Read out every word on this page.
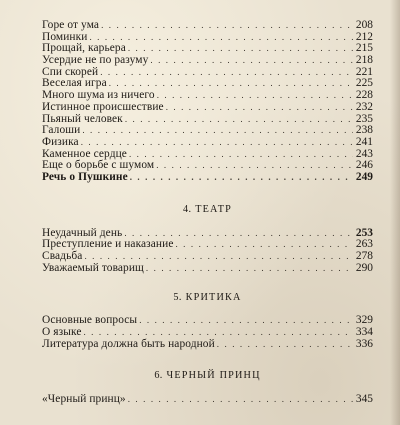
Горе от ума . . .	208
Поминки . . .	212
Прощай, карьера . . .	215
Усердие не по разуму . . .	218
Спи скорей . . .	221
Веселая игра . . .	225
Много шума из ничего . . .	228
Истинное происшествие . . .	232
Пьяный человек . . .	235
Галоши . . .	238
Физика . . .	241
Каменное сердце . . .	243
Еще о борьбе с шумом . . .	246
Речь о Пушкине . . .	249
4. ТЕАТР
Неудачный день . . .	253
Преступление и наказание . . .	263
Свадьба . . .	278
Уважаемый товарищ . . .	290
5. КРИТИКА
Основные вопросы . . .	329
О языке . . .	334
Литература должна быть народной . . .	336
6. ЧЕРНЫЙ ПРИНЦ
«Черный принц» . . .	345
